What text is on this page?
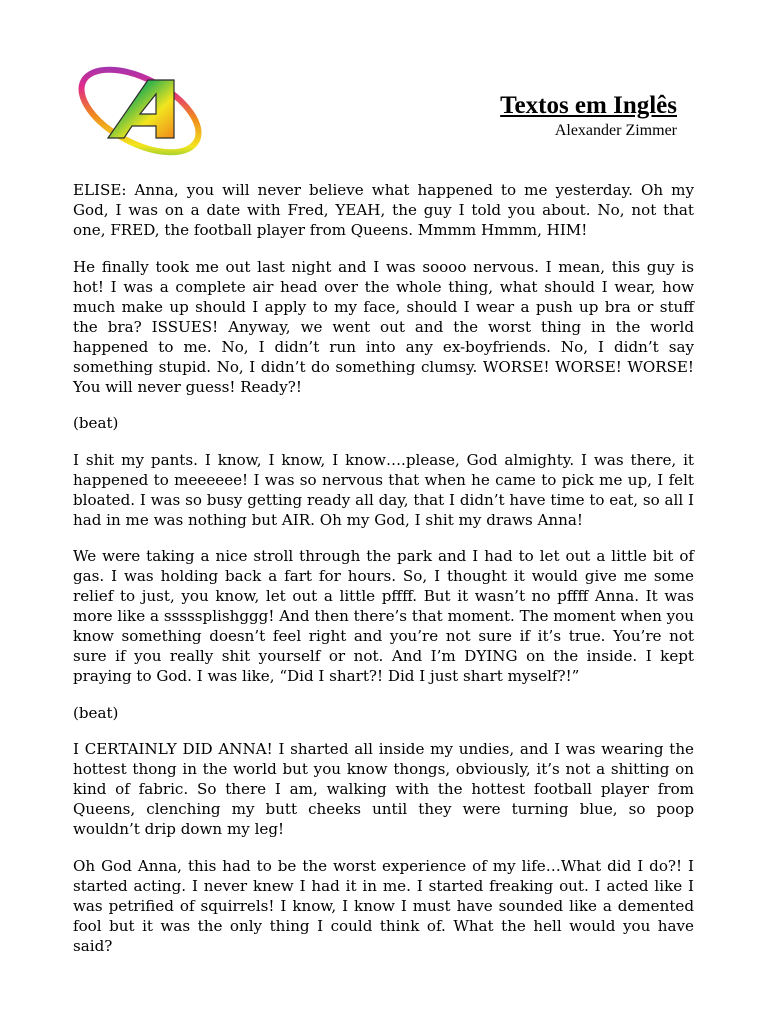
Textos em Inglês
Alexander Zimmer

ELISE: Anna, you will never believe what happened to me yesterday. Oh my God, I was on a date with Fred, YEAH, the guy I told you about. No, not that one, FRED, the football player from Queens. Mmmm Hmmm, HIM!

He finally took me out last night and I was soooo nervous. I mean, this guy is hot! I was a complete air head over the whole thing, what should I wear, how much make up should I apply to my face, should I wear a push up bra or stuff the bra? ISSUES! Anyway, we went out and the worst thing in the world happened to me. No, I didn’t run into any ex-boyfriends. No, I didn’t say something stupid. No, I didn’t do something clumsy. WORSE! WORSE! WORSE! You will never guess! Ready?!

(beat)

I shit my pants. I know, I know, I know….please, God almighty. I was there, it happened to meeeeee! I was so nervous that when he came to pick me up, I felt bloated. I was so busy getting ready all day, that I didn’t have time to eat, so all I had in me was nothing but AIR. Oh my God, I shit my draws Anna!

We were taking a nice stroll through the park and I had to let out a little bit of gas. I was holding back a fart for hours. So, I thought it would give me some relief to just, you know, let out a little pffff. But it wasn’t no pffff Anna. It was more like a sssssplishggg! And then there’s that moment. The moment when you know something doesn’t feel right and you’re not sure if it’s true. You’re not sure if you really shit yourself or not. And I’m DYING on the inside. I kept praying to God. I was like, “Did I shart?! Did I just shart myself?!”

(beat)

I CERTAINLY DID ANNA! I sharted all inside my undies, and I was wearing the hottest thong in the world but you know thongs, obviously, it’s not a shitting on kind of fabric. So there I am, walking with the hottest football player from Queens, clenching my butt cheeks until they were turning blue, so poop wouldn’t drip down my leg!

Oh God Anna, this had to be the worst experience of my life…What did I do?! I started acting. I never knew I had it in me. I started freaking out. I acted like I was petrified of squirrels! I know, I know I must have sounded like a demented fool but it was the only thing I could think of. What the hell would you have said?
